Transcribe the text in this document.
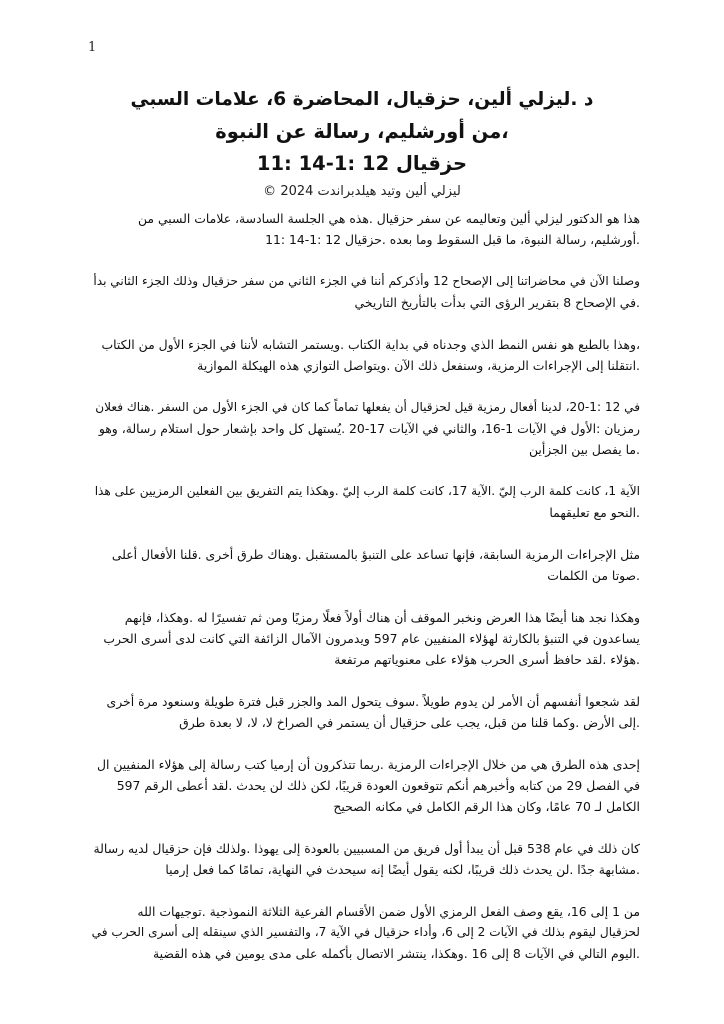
1
د .ليزلي ألين، حزقيال، المحاضرة 6، علامات السبي
،من أورشليم، رسالة عن النبوة
حزقيال 12 :1-14 :11
ليزلي ألين وتيد هيلدبراندت 2024 ©
هذا هو الدكتور ليزلي ألين وتعاليمه عن سفر حزقيال .هذه هي الجلسة السادسة، علامات السبي من
.أورشليم، رسالة النبوة، ما قبل السقوط وما بعده .حزقيال 12 :1-14 :11
وصلنا الآن في محاضراتنا إلى الإصحاح 12 وأذكركم أننا في الجزء الثاني من سفر حزقيال وذلك الجزء الثاني بدأ
.في الإصحاح 8 بتقرير الرؤى التي بدأت بالتأريخ التاريخي
،وهذا بالطبع هو نفس النمط الذي وجدناه في بداية الكتاب .ويستمر التشابه لأننا في الجزء الأول من الكتاب
.انتقلنا إلى الإجراءات الرمزية، وسنفعل ذلك الآن .ويتواصل التوازي هذه الهيكلة الموازية
في 12 :1-20، لدينا أفعال رمزية قيل لحزقيال أن يفعلها تماماً كما كان في الجزء الأول من السفر .هناك فعلان
رمزيان :الأول في الآيات 1-16، والثاني في الآيات 17-20 .يُستهل كل واحد بإشعار حول استلام رسالة، وهو
.ما يفصل بين الجزأين
الآية 1، كانت كلمة الرب إليّ .الآية 17، كانت كلمة الرب إليّ .وهكذا يتم التفريق بين الفعلين الرمزيين على هذا
.النحو مع تعليقهما
مثل الإجراءات الرمزية السابقة، فإنها تساعد على التنبؤ بالمستقبل .وهناك طرق أخرى .قلنا الأفعال أعلى
.صوتا من الكلمات
وهكذا نجد هنا أيضًا هذا العرض ونخبر الموقف أن هناك أولاً فعلًا رمزيًا ومن ثم تفسيرًا له .وهكذا، فإنهم
يساعدون في التنبؤ بالكارثة لهؤلاء المنفيين عام 597 ويدمرون الآمال الزائفة التي كانت لدى أسرى الحرب
.هؤلاء .لقد حافظ أسرى الحرب هؤلاء على معنوياتهم مرتفعة
لقد شجعوا أنفسهم أن الأمر لن يدوم طويلاً .سوف يتحول المد والجزر قبل فترة طويلة وسنعود مرة أخرى
.إلى الأرض .وكما قلنا من قبل، يجب على حزقيال أن يستمر في الصراخ لا، لا، لا بعدة طرق
إحدى هذه الطرق هي من خلال الإجراءات الرمزية .ربما تتذكرون أن إرميا كتب رسالة إلى هؤلاء المنفيين ال
في الفصل 29 من كتابه وأخبرهم أنكم تتوقعون العودة قريبًا، لكن ذلك لن يحدث .لقد أعطى الرقم 597
الكامل لـ 70 عامًا، وكان هذا الرقم الكامل في مكانه الصحيح
كان ذلك في عام 538 قبل أن يبدأ أول فريق من المسبيين بالعودة إلى يهوذا .ولذلك فإن حزقيال لديه رسالة
.مشابهة جدًا .لن يحدث ذلك قريبًا، لكنه يقول أيضًا إنه سيحدث في النهاية، تمامًا كما فعل إرميا
من 1 إلى 16، يقع وصف الفعل الرمزي الأول ضمن الأقسام الفرعية الثلاثة النموذجية .توجيهات الله
لحزقيال ليقوم بذلك في الآيات 2 إلى 6، وأداء حزقيال في الآية 7، والتفسير الذي سينقله إلى أسرى الحرب في
.اليوم التالي في الآيات 8 إلى 16 .وهكذا، ينتشر الاتصال بأكمله على مدى يومين في هذه القضية
